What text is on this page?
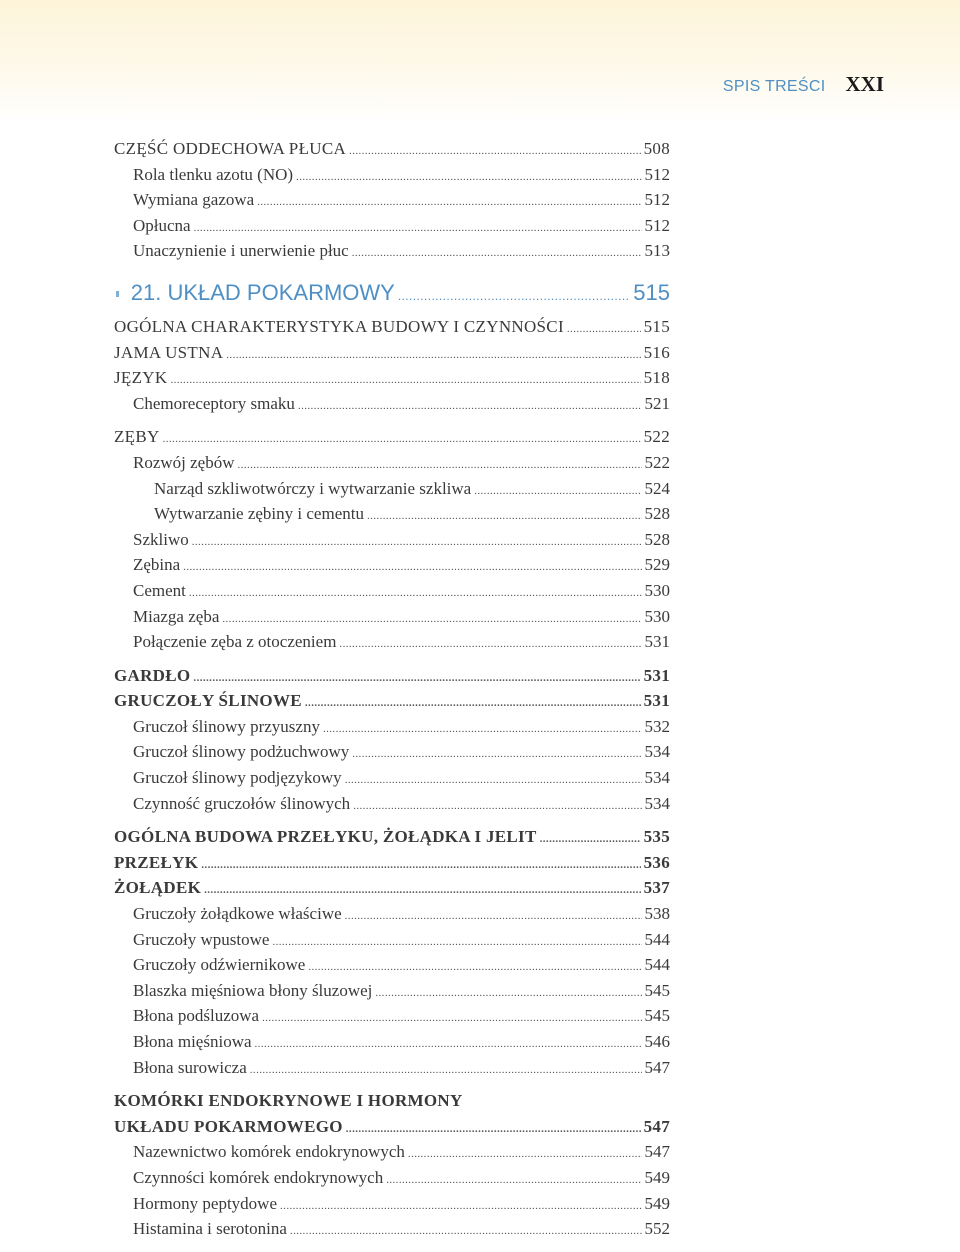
SPIS TREŚCI XXI
CZĘŚĆ ODDECHOWA PŁUCA .....	508
Rola tlenku azotu (NO) .....	512
Wymiana gazowa .....	512
Opłucna .....	512
Unaczynienie i unerwienie płuc .....	513
21. UKŁAD POKARMOWY .....	515
OGÓLNA CHARAKTERYSTYKA BUDOWY I CZYNNOŚCI .....	515
JAMA USTNA .....	516
JĘZYK .....	518
Chemoreceptory smaku .....	521
ZĘBY .....	522
Rozwój zębów .....	522
Narząd szkliwotwórczy i wytwarzanie szkliwa .....	524
Wytwarzanie zębiny i cementu .....	528
Szkliwo .....	528
Zębina .....	529
Cement .....	530
Miazga zęba .....	530
Połączenie zęba z otoczeniem .....	531
GARDŁO .....	531
GRUCZOŁY ŚLINOWE .....	531
Gruczoł ślinowy przyuszny .....	532
Gruczoł ślinowy podżuchwowy .....	534
Gruczoł ślinowy podjęzykowy .....	534
Czynność gruczołów ślinowych .....	534
OGÓLNA BUDOWA PRZEŁYKU, ŻOŁĄDKA I JELIT .....	535
PRZEŁYK .....	536
ŻOŁĄDEK .....	537
Gruczoły żołądkowe właściwe .....	538
Gruczoły wpustowe .....	544
Gruczoły odźwiernikowe .....	544
Blaszka mięśniowa błony śluzowej .....	545
Błona podśluzowa .....	545
Błona mięśniowa .....	546
Błona surowicza .....	547
KOMÓRKI ENDOKRYNOWE I HORMONY
UKŁADU POKARMOWEGO .....	547
Nazewnictwo komórek endokrynowych .....	547
Czynności komórek endokrynowych .....	549
Hormony peptydowe .....	549
Histamina i serotonina .....	552
